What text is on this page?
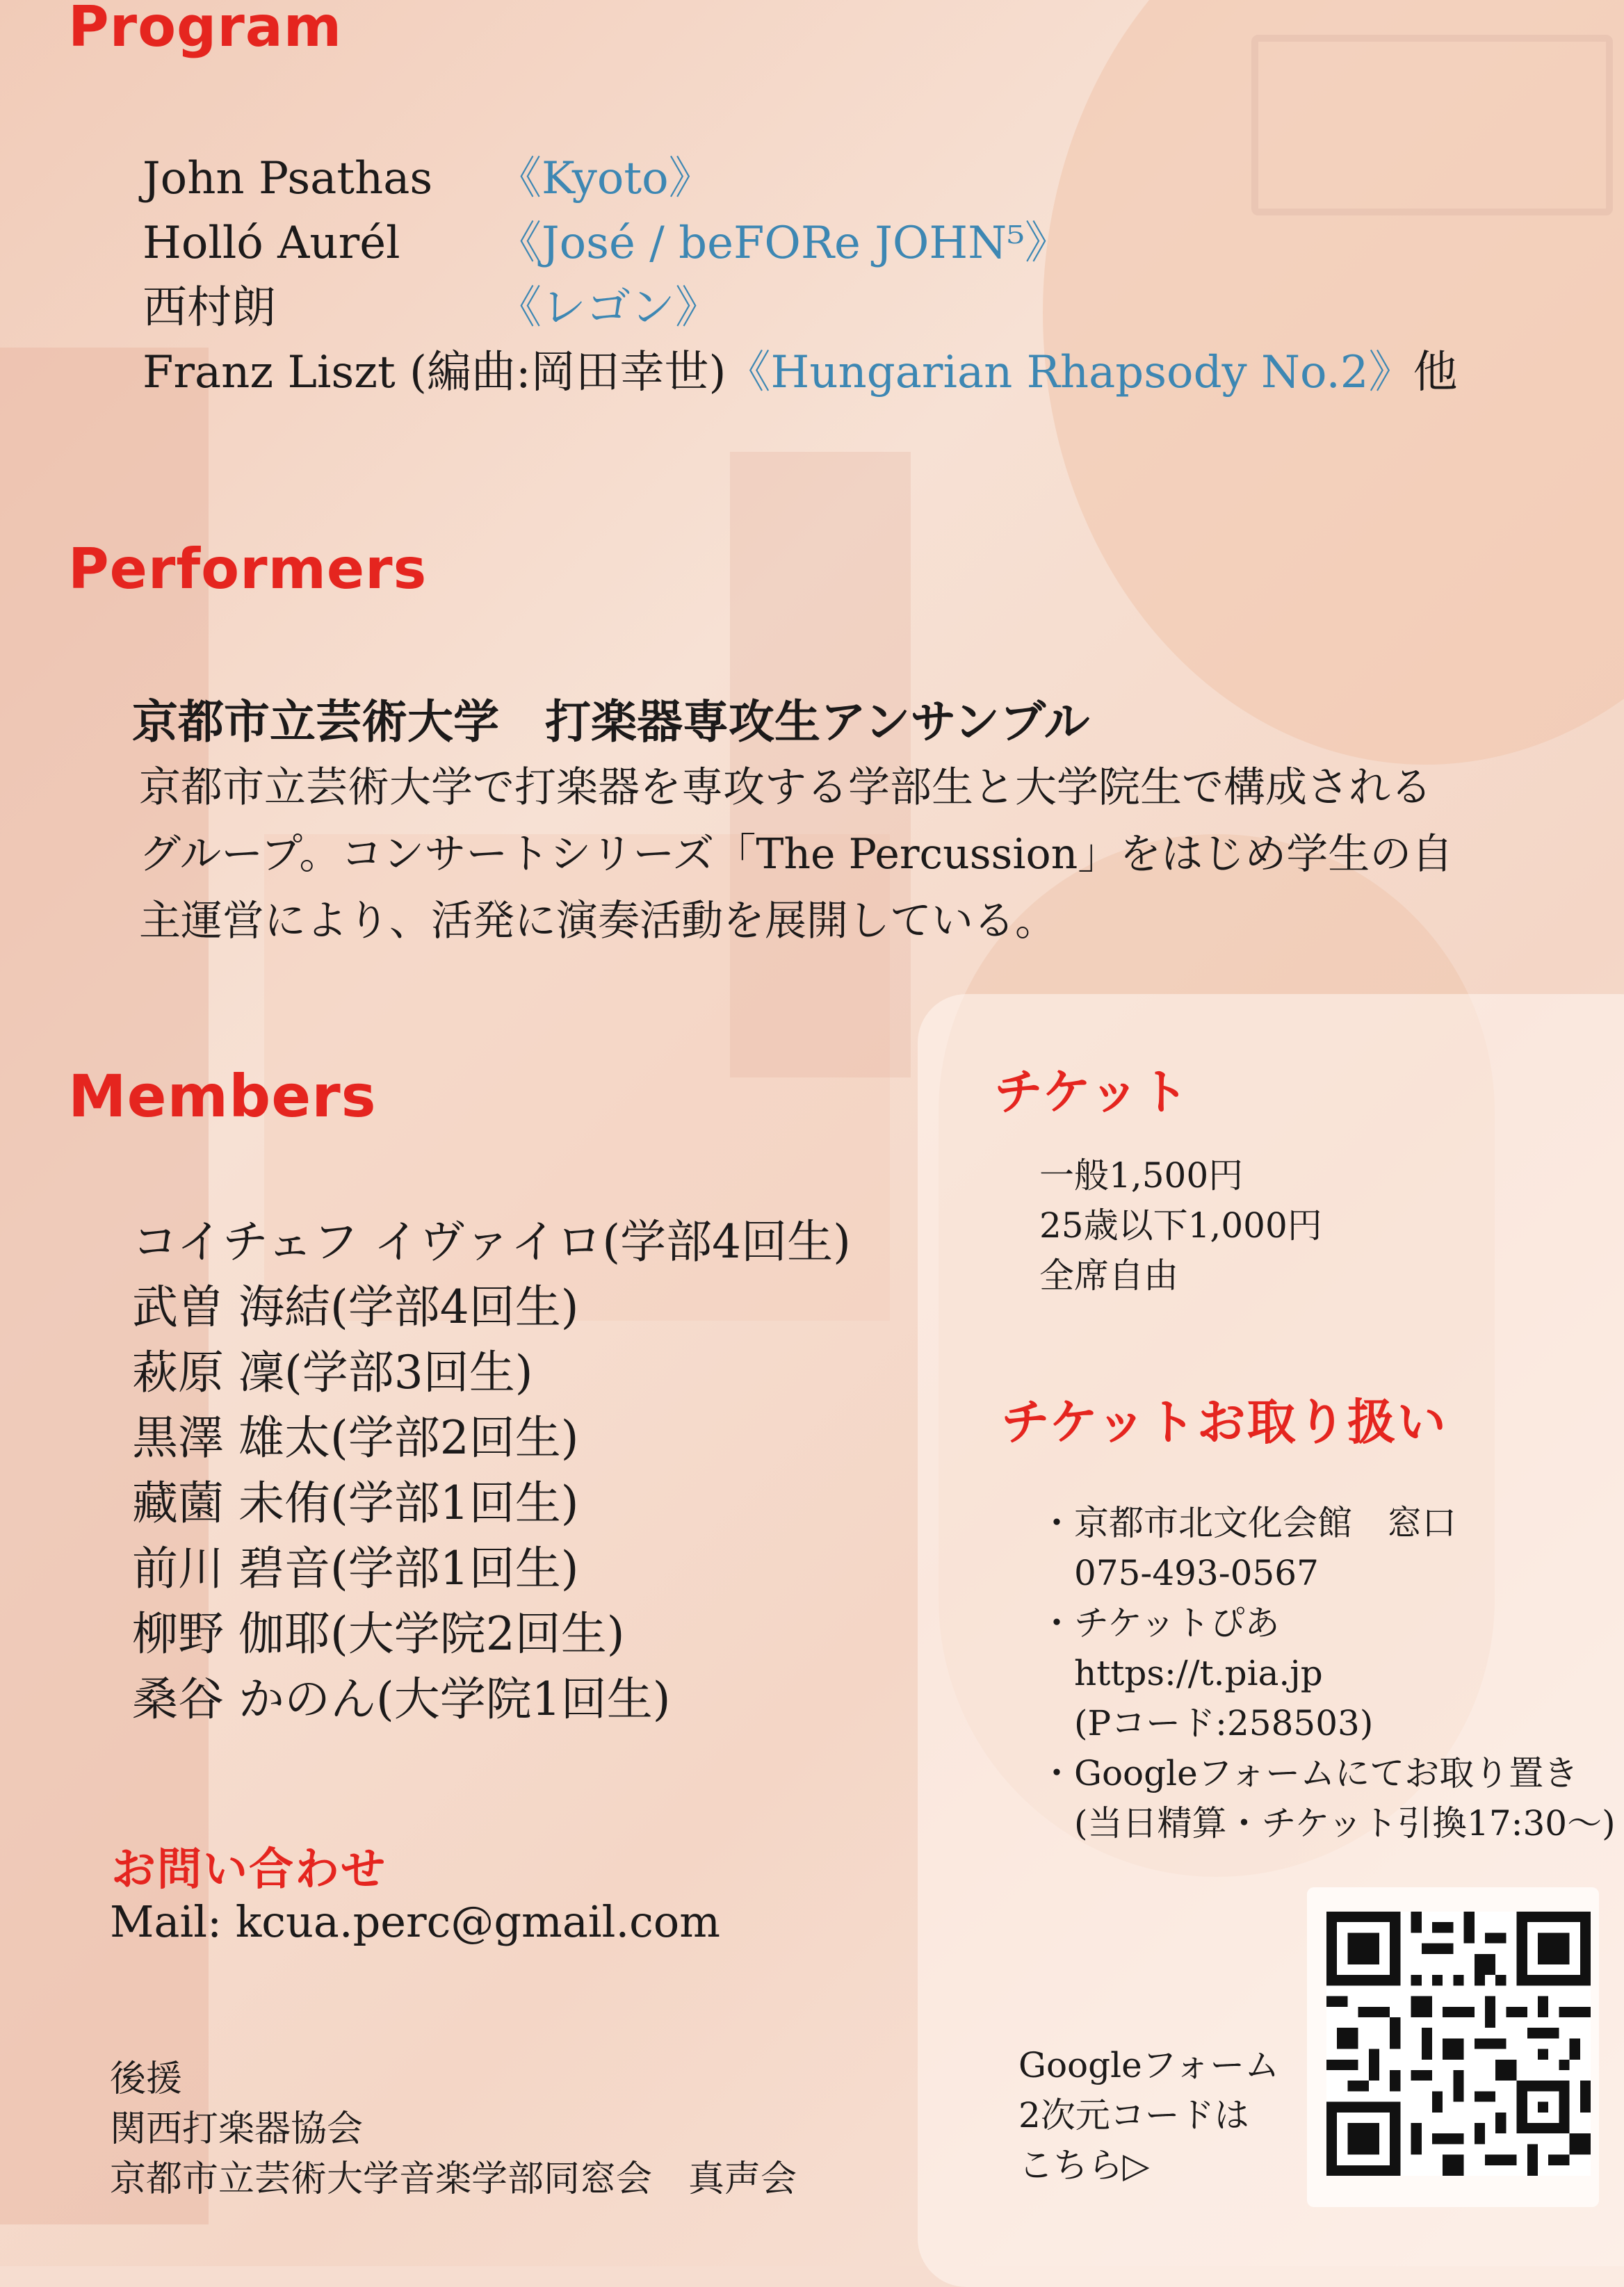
Program
John Psathas 《Kyoto》
Holló Aurél 《José / beFORe JOHN⁵》
西村朗	《レゴン》
Franz Liszt (編曲:岡田幸世)《Hungarian Rhapsody No.2》他
Performers
京都市立芸術大学　打楽器専攻生アンサンブル

京都市立芸術大学で打楽器を専攻する学部生と大学院生で構成される

グループ。コンサートシリーズ「The Percussion」をはじめ学生の自

主運営により、活発に演奏活動を展開している。

Members
コイチェフ イヴァイロ(学部4回生)
武曽 海結(学部4回生)
萩原 凜(学部3回生)
黒澤 雄太(学部2回生)
藏薗 未侑(学部1回生)
前川 碧音(学部1回生)
柳野 伽耶(大学院2回生)
桑谷 かのん(大学院1回生)
チケット
一般1,500円
25歳以下1,000円
全席自由
チケットお取り扱い
・京都市北文化会館　窓口
　075-493-0567
・チケットぴあ
　https://t.pia.jp
　(Pコード:258503)
・Googleフォームにてお取り置き
　(当日精算・チケット引換17:30〜)
お問い合わせ
Mail: kcua.perc@gmail.com
後援
関西打楽器協会
京都市立芸術大学音楽学部同窓会　真声会
Googleフォーム
2次元コードは
こちら▷
